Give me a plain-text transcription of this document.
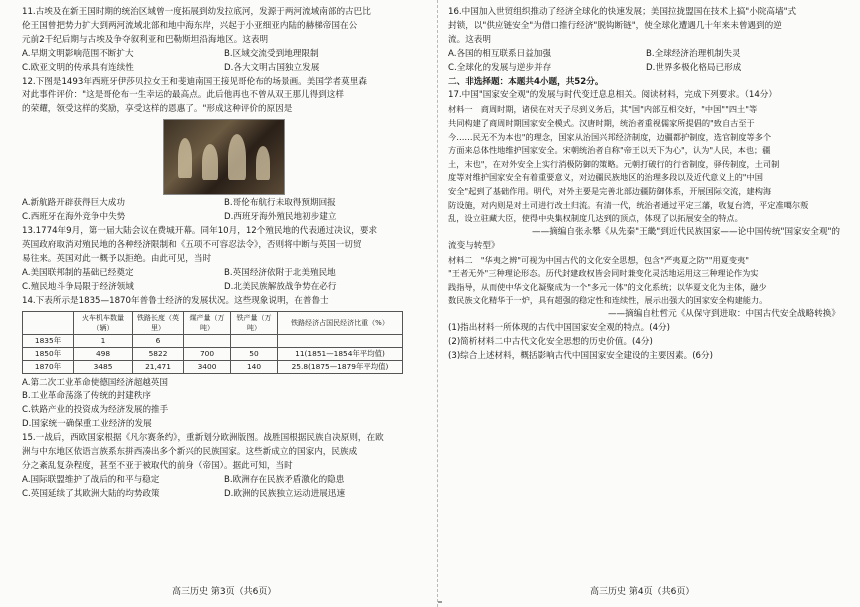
11.古埃及在新王国时期的统治区域曾一度拓展到幼发拉底河，发源于两河流域南部的古巴比

伦王国曾把势力扩大到两河流域北部和地中海东岸，兴起于小亚细亚内陆的赫梯帝国在公

元前2千纪后期与古埃及争夺叙利亚和巴勒斯坦沿海地区。这表明

A.早期文明影响范围不断扩大	B.区域交流受到地理限制
C.欧亚文明的传承具有连续性	D.各大文明古国独立发展

12.下图是1493年西班牙伊莎贝拉女王和斐迪南国王接见哥伦布的场景画。美国学者莫里森

对此事件评价："这是哥伦布一生幸运的最高点。此后他再也不曾从双王那儿得到这样

的荣耀，领受这样的奖励，享受这样的恩惠了。"形成这种评价的原因是

A.新航路开辟获得巨大成功	B.哥伦布航行未取得预期回报
C.西班牙在海外竞争中失势	D.西班牙海外殖民地初步建立

13.1774年9月，第一届大陆会议在费城开幕。同年10月，12个殖民地的代表通过决议，要求

英国政府取消对殖民地的各种经济限制和《五项不可容忍法令》，否则将中断与英国一切贸

易往来。英国对此一概予以拒绝。由此可见，当时

A.美国联邦制的基础已经奠定	B.英国经济依附于北美殖民地
C.殖民地斗争局限于经济领域	D.北美民族解放战争势在必行

14.下表所示是1835—1870年普鲁士经济的发展状况。这些现象说明，在普鲁士

	火车机车数量（辆）	铁路长度（英里）	煤产量（万吨）	铁产量（万吨）	铁路经济占国民经济比重（%）
1835年	1	6			
1850年	498	5822	700	50	11(1851—1854年平均值)
1870年	3485	21,471	3400	140	25.8(1875—1879年平均值)
A.第二次工业革命使德国经济超越英国
B.工业革命荡涤了传统的封建秩序
C.铁路产业的投资成为经济发展的推手
D.国家统一确保重工业经济的发展

15.一战后，西欧国家根据《凡尔赛条约》，重新划分欧洲版图。战胜国根据民族自决原则，在欧

洲与中东地区依语言族系东拼西凑出多个新兴的民族国家。这些新成立的国家内，民族成

分之紊乱复杂程度，甚至不亚于被取代的前身（帝国）。据此可知，当时

A.国际联盟维护了战后的和平与稳定	B.欧洲存在民族矛盾激化的隐患
C.英国延续了其欧洲大陆的均势政策	D.欧洲的民族独立运动进展迅速

16.中国加入世贸组织推动了经济全球化的快速发展；美国拉拢盟国在技术上搞"小院高墙"式

封锁，以"供应链安全"为借口推行经济"脱钩断链"，使全球化遭遇几十年来未曾遇到的逆

流。这表明

A.各国的相互联系日益加强	B.全球经济治理机制失灵
C.全球化的发展与逆步并存	D.世界多极化格局已形成

二、非选择题：本题共4小题，共52分。

17.中国"国家安全观"的发展与时代变迁息息相关。阅读材料，完成下列要求。（14分）

材料一　商周时期，诸侯在对天子尽到义务后，其"国"内部互相交好，"中国""四土"等

共同构建了商周时期国家安全模式。汉唐时期，统治者重视儒家所提倡的"致自古至于

今……民无不为本也"的理念，国家从治国兴邦经济制度，边疆都护制度，选官制度等多个

方面来总体性地维护国家安全。宋朝统治者自称"帝王以天下为心"，认为"人民，本也；疆

土，末也"，在对外安全上实行消极防御的策略。元朝打破行的行省制度，驿传制度，土司制

度等对维护国家安全有着重要意义，对边疆民族地区的治理多段以及近代意义上的"中国

安全"起到了基础作用。明代，对外主要是完善北部边疆防御体系，开展国际交流，建构海

防设施，对内则是对土司进行改土归流。有清一代，统治者通过平定三藩，收复台湾，平定准噶尔叛

乱，设立驻藏大臣，使得中央集权制度几达到的顶点，体现了以拓展安全的特点。

——摘编自张永攀《从先秦"王畿"到近代民族国家——论中国传统"国家安全观"的

流变与转型》

材料二　"华夷之辨"可视为中国古代的文化安全思想，包含"严夷夏之防""用夏变夷"

"王者无外"三种理论形态。历代封建政权皆会同时兼变化灵活地运用这三种理论作为实

践指导，从而使中华文化凝聚成为一个"多元一体"的文化系统；以华夏文化为主体，融少

数民族文化精华于一炉，具有超强的稳定性和连续性，展示出强大的国家安全构建能力。

——摘编自杜哲元《从保守到进取：中国古代安全战略转换》

(1)指出材料一所体现的古代中国国家安全观的特点。(4分)

(2)简析材料二中古代文化安全思想的历史价值。(4分)

(3)综合上述材料，概括影响古代中国国家安全建设的主要因素。(6分)

高三历史 第3页（共6页）	高三历史 第4页（共6页）
